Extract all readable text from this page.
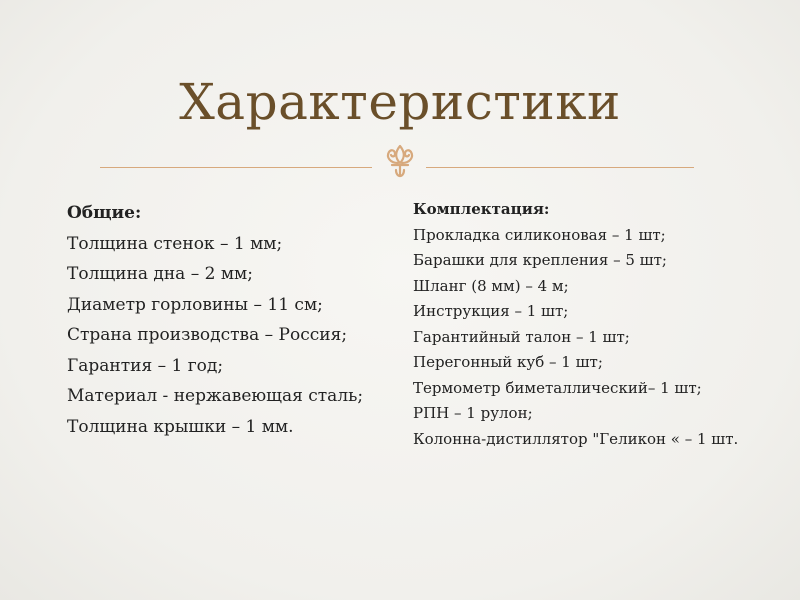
Характеристики
Общие:
Толщина стенок – 1 мм;
Толщина дна – 2 мм;
Диаметр горловины – 11 см;
Страна производства – Россия;
Гарантия – 1 год;
Материал - нержавеющая сталь;
Толщина крышки – 1 мм.
Комплектация:
Прокладка силиконовая – 1 шт;
Барашки для крепления – 5 шт;
Шланг (8 мм) – 4 м;
Инструкция – 1 шт;
Гарантийный талон – 1 шт;
Перегонный куб – 1 шт;
Термометр биметаллический– 1 шт;
РПН – 1 рулон;
Колонна-дистиллятор "Геликон « – 1 шт.
